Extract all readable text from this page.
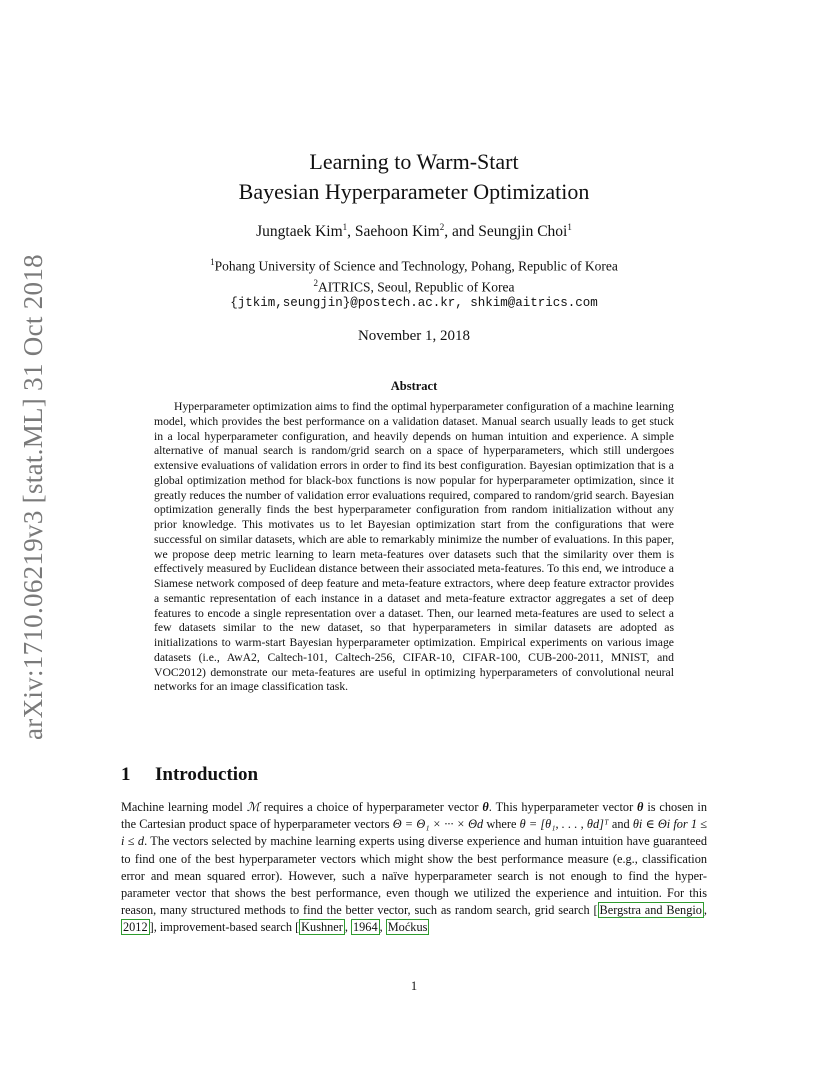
arXiv:1710.06219v3 [stat.ML] 31 Oct 2018
Learning to Warm-Start
Bayesian Hyperparameter Optimization
Jungtaek Kim$^1$, Saehoon Kim$^2$, and Seungjin Choi$^1$
$^1$Pohang University of Science and Technology, Pohang, Republic of Korea
$^2$AITRICS, Seoul, Republic of Korea
{jtkim,seungjin}@postech.ac.kr, shkim@aitrics.com
November 1, 2018
Abstract
Hyperparameter optimization aims to find the optimal hyperparameter configuration of a machine learning model, which provides the best performance on a validation dataset. Manual search usually leads to get stuck in a local hyperparameter configuration, and heavily depends on human intuition and experience. A simple alternative of manual search is random/grid search on a space of hyperparameters, which still undergoes extensive evaluations of validation errors in order to find its best configuration. Bayesian optimization that is a global optimization method for black-box functions is now popular for hyperparameter optimization, since it greatly reduces the number of validation error evaluations required, compared to random/grid search. Bayesian optimization generally finds the best hyperparameter configuration from random initialization without any prior knowledge. This motivates us to let Bayesian optimization start from the configurations that were successful on similar datasets, which are able to remarkably minimize the number of evaluations. In this paper, we propose deep metric learning to learn meta-features over datasets such that the similarity over them is effectively measured by Euclidean distance between their associated meta-features. To this end, we introduce a Siamese network composed of deep feature and meta-feature extractors, where deep feature extractor provides a semantic representation of each instance in a dataset and meta-feature extractor aggregates a set of deep features to encode a single representation over a dataset. Then, our learned meta-features are used to select a few datasets similar to the new dataset, so that hyperparameters in similar datasets are adopted as initializations to warm-start Bayesian hyperparameter optimization. Empirical experiments on various image datasets (i.e., AwA2, Caltech-101, Caltech-256, CIFAR-10, CIFAR-100, CUB-200-2011, MNIST, and VOC2012) demonstrate our meta-features are useful in optimizing hyperparameters of convolutional neural networks for an image classification task.
1 Introduction
Machine learning model ℳ requires a choice of hyperparameter vector θ. This hyperparameter vector θ is chosen in the Cartesian product space of hyperparameter vectors Θ = Θ₁ × ··· × Θd where θ = [θ₁, . . . , θd]ᵀ and θi ∈ Θi for 1 ≤ i ≤ d. The vectors selected by machine learning experts using diverse experience and human intuition have guaranteed to find one of the best hyperparameter vectors which might show the best performance measure (e.g., classification error and mean squared error). However, such a naïve hyperparameter search is not enough to find the hyper-parameter vector that shows the best performance, even though we utilized the experience and intuition. For this reason, many structured methods to find the better vector, such as random search, grid search [ Bergstra and Bengio , 2012 ], improvement-based search [ Kushner , 1964 , Moćkus
1
